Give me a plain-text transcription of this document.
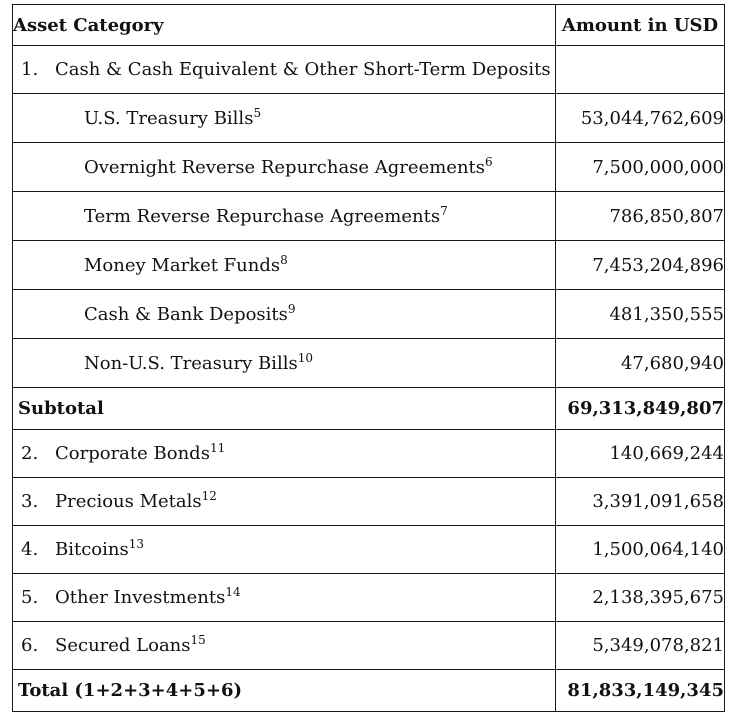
Asset Category	Amount in USD
1. Cash & Cash Equivalent & Other Short-Term Deposits	
U.S. Treasury Bills$^5$	53,044,762,609
Overnight Reverse Repurchase Agreements$^6$	7,500,000,000
Term Reverse Repurchase Agreements$^7$	786,850,807
Money Market Funds$^8$	7,453,204,896
Cash & Bank Deposits$^9$	481,350,555
Non-U.S. Treasury Bills$^{10}$	47,680,940
Subtotal	69,313,849,807
2. Corporate Bonds$^{11}$	140,669,244
3. Precious Metals$^{12}$	3,391,091,658
4. Bitcoins$^{13}$	1,500,064,140
5. Other Investments$^{14}$	2,138,395,675
6. Secured Loans$^{15}$	5,349,078,821
Total (1+2+3+4+5+6)	81,833,149,345
